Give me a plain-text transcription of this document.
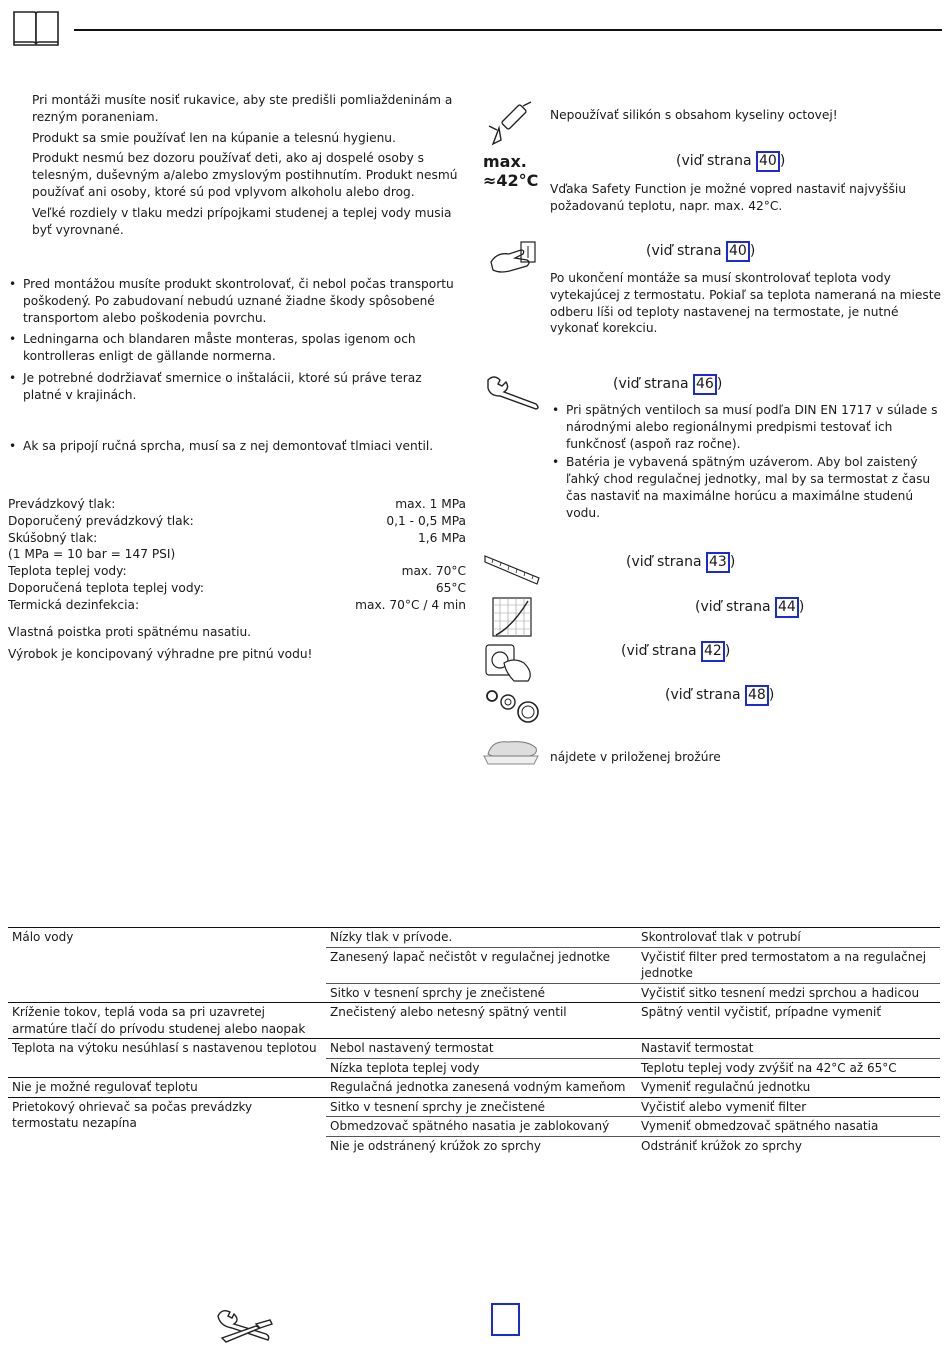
Pri montáži musíte nosiť rukavice, aby ste predišli pomliaždeninám a rezným poraneniam.

Produkt sa smie používať len na kúpanie a telesnú hygienu.

Produkt nesmú bez dozoru používať deti, ako aj dospelé osoby s telesným, duševným a/alebo zmyslovým postihnutím. Produkt nesmú používať ani osoby, ktoré sú pod vplyvom alkoholu alebo drog.

Veľké rozdiely v tlaku medzi prípojkami studenej a teplej vody musia byť vyrovnané.

• Pred montážou musíte produkt skontrolovať, či nebol počas transportu poškodený. Po zabudovaní nebudú uznané žiadne škody spôsobené transportom alebo poškodenia povrchu.

• Ledningarna och blandaren måste monteras, spolas igenom och kontrolleras enligt de gällande normerna.

• Je potrebné dodržiavať smernice o inštalácii, ktoré sú práve teraz platné v krajinách.

• Ak sa pripojí ručná sprcha, musí sa z nej demontovať tlmiaci ventil.

Prevádzkový tlak:	max. 1 MPa
Doporučený prevádzkový tlak:	0,1 - 0,5 MPa
Skúšobný tlak:	1,6 MPa
(1 MPa = 10 bar = 147 PSI)
Teplota teplej vody:	max. 70°C
Doporučená teplota teplej vody:	65°C
Termická dezinfekcia:	max. 70°C / 4 min

Vlastná poistka proti spätnému nasatiu.

Výrobok je koncipovaný výhradne pre pitnú vodu!

Nepoužívať silikón s obsahom kyseliny octovej!

max.
≈42°C
(viď strana 40 )

Vďaka Safety Function je možné vopred nastaviť najvyššiu požadovanú teplotu, napr. max. 42°C.

(viď strana 40 )

Po ukončení montáže sa musí skontrolovať teplota vody vytekajúcej z termostatu. Pokiaľ sa teplota nameraná na mieste odberu líši od teploty nastavenej na termostate, je nutné vykonať korekciu.

(viď strana 46 )

• Pri spätných ventiloch sa musí podľa DIN EN 1717 v súlade s národnými alebo regionálnymi predpismi testovať ich funkčnosť (aspoň raz ročne).

• Batéria je vybavená spätným uzáverom. Aby bol zaistený ľahký chod regulačnej jednotky, mal by sa termostat z času čas nastaviť na maximálne horúcu a maximálne studenú vodu.

(viď strana 43 )
(viď strana 44 )
(viď strana 42 )
(viď strana 48 )

nájdete v priloženej brožúre

Málo vody	Nízky tlak v prívode.	Skontrolovať tlak v potrubí
	Zanesený lapač nečistôt v regulačnej jednotke	Vyčistiť filter pred termostatom a na regulačnej jednotke
	Sitko v tesnení sprchy je znečistené	Vyčistiť sitko tesnení medzi sprchou a hadicou
Kríženie tokov, teplá voda sa pri uzavretej armatúre tlačí do prívodu studenej alebo naopak	Znečistený alebo netesný spätný ventil	Spätný ventil vyčistiť, prípadne vymeniť
Teplota na výtoku nesúhlasí s nastavenou teplotou	Nebol nastavený termostat	Nastaviť termostat
	Nízka teplota teplej vody	Teplotu teplej vody zvýšiť na 42°C až 65°C
Nie je možné regulovať teplotu	Regulačná jednotka zanesená vodným kameňom	Vymeniť regulačnú jednotku
Prietokový ohrievač sa počas prevádzky termostatu nezapína	Sitko v tesnení sprchy je znečistené	Vyčistiť alebo vymeniť filter
	Obmedzovač spätného nasatia je zablokovaný	Vymeniť obmedzovač spätného nasatia
	Nie je odstránený krúžok zo sprchy	Odstrániť krúžok zo sprchy
